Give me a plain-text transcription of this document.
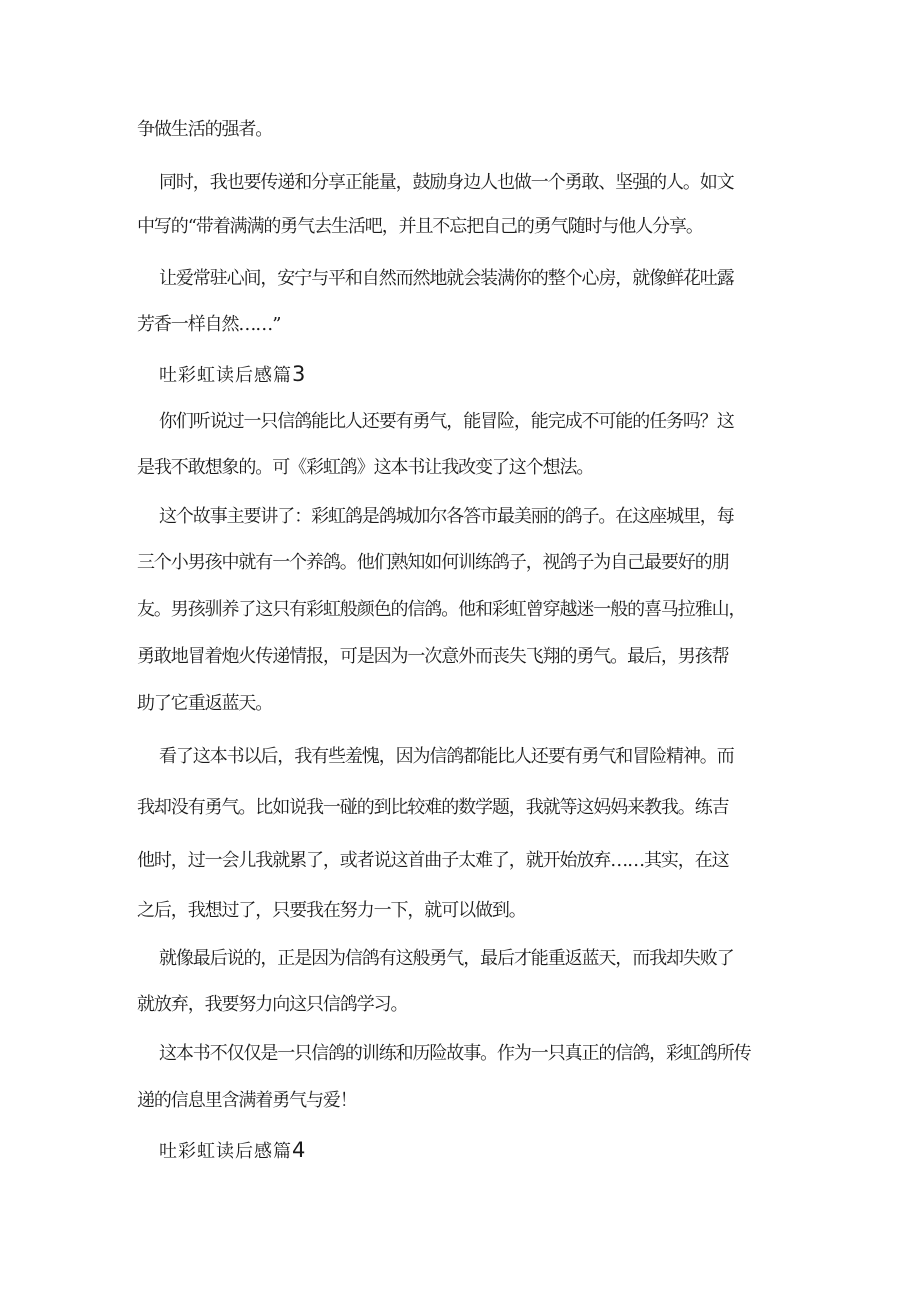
争做生活的强者。
同时，我也要传递和分享正能量，鼓励身边人也做一个勇敢、坚强的人。如文
中写的“带着满满的勇气去生活吧，并且不忘把自己的勇气随时与他人分享。
让爱常驻心间，安宁与平和自然而然地就会装满你的整个心房，就像鲜花吐露
芳香一样自然……”
吐彩虹读后感篇3
你们听说过一只信鸽能比人还要有勇气，能冒险，能完成不可能的任务吗？这
是我不敢想象的。可《彩虹鸽》这本书让我改变了这个想法。
这个故事主要讲了：彩虹鸽是鸽城加尔各答市最美丽的鸽子。在这座城里，每
三个小男孩中就有一个养鸽。他们熟知如何训练鸽子，视鸽子为自己最要好的朋
友。男孩驯养了这只有彩虹般颜色的信鸽。他和彩虹曾穿越迷一般的喜马拉雅山，
勇敢地冒着炮火传递情报，可是因为一次意外而丧失飞翔的勇气。最后，男孩帮
助了它重返蓝天。
看了这本书以后，我有些羞愧，因为信鸽都能比人还要有勇气和冒险精神。而
我却没有勇气。比如说我一碰的到比较难的数学题，我就等这妈妈来教我。练吉
他时，过一会儿我就累了，或者说这首曲子太难了，就开始放弃……其实，在这
之后，我想过了，只要我在努力一下，就可以做到。
就像最后说的，正是因为信鸽有这般勇气，最后才能重返蓝天，而我却失败了
就放弃，我要努力向这只信鸽学习。
这本书不仅仅是一只信鸽的训练和历险故事。作为一只真正的信鸽，彩虹鸽所传
递的信息里含满着勇气与爱！
吐彩虹读后感篇4
